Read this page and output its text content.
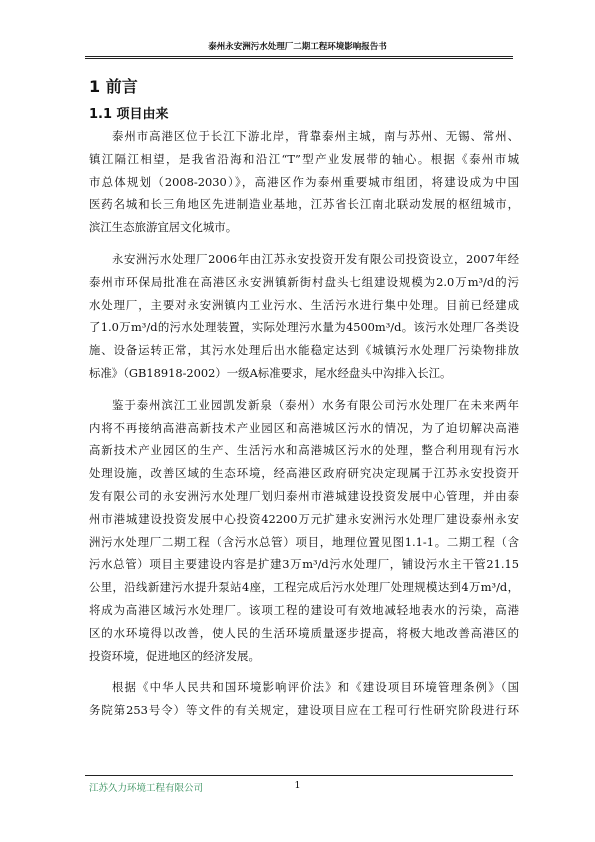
泰州永安洲污水处理厂二期工程环境影响报告书
1 前言
1.1 项目由来
泰州市高港区位于长江下游北岸，背靠泰州主城，南与苏州、无锡、常州、
镇江隔江相望，是我省沿海和沿江“T”型产业发展带的轴心。根据《泰州市城
市总体规划（2008-2030）》，高港区作为泰州重要城市组团，将建设成为中国
医药名城和长三角地区先进制造业基地，江苏省长江南北联动发展的枢纽城市，
滨江生态旅游宜居文化城市。
永安洲污水处理厂2006年由江苏永安投资开发有限公司投资设立，2007年经
泰州市环保局批准在高港区永安洲镇新街村盘头七组建设规模为2.0万m³/d的污
水处理厂，主要对永安洲镇内工业污水、生活污水进行集中处理。目前已经建成
了1.0万m³/d的污水处理装置，实际处理污水量为4500m³/d。该污水处理厂各类设
施、设备运转正常，其污水处理后出水能稳定达到《城镇污水处理厂污染物排放
标准》（GB18918-2002）一级A标准要求，尾水经盘头中沟排入长江。
鉴于泰州滨江工业园凯发新泉（泰州）水务有限公司污水处理厂在未来两年
内将不再接纳高港高新技术产业园区和高港城区污水的情况，为了迫切解决高港
高新技术产业园区的生产、生活污水和高港城区污水的处理，整合利用现有污水
处理设施，改善区域的生态环境，经高港区政府研究决定现属于江苏永安投资开
发有限公司的永安洲污水处理厂划归泰州市港城建设投资发展中心管理，并由泰
州市港城建设投资发展中心投资42200万元扩建永安洲污水处理厂建设泰州永安
洲污水处理厂二期工程（含污水总管）项目，地理位置见图1.1-1。二期工程（含
污水总管）项目主要建设内容是扩建3万m³/d污水处理厂，铺设污水主干管21.15
公里，沿线新建污水提升泵站4座，工程完成后污水处理厂处理规模达到4万m³/d，
将成为高港区域污水处理厂。该项工程的建设可有效地减轻地表水的污染，高港
区的水环境得以改善，使人民的生活环境质量逐步提高，将极大地改善高港区的
投资环境，促进地区的经济发展。
根据《中华人民共和国环境影响评价法》和《建设项目环境管理条例》（国
务院第253号令）等文件的有关规定，建设项目应在工程可行性研究阶段进行环
江苏久力环境工程有限公司	1
